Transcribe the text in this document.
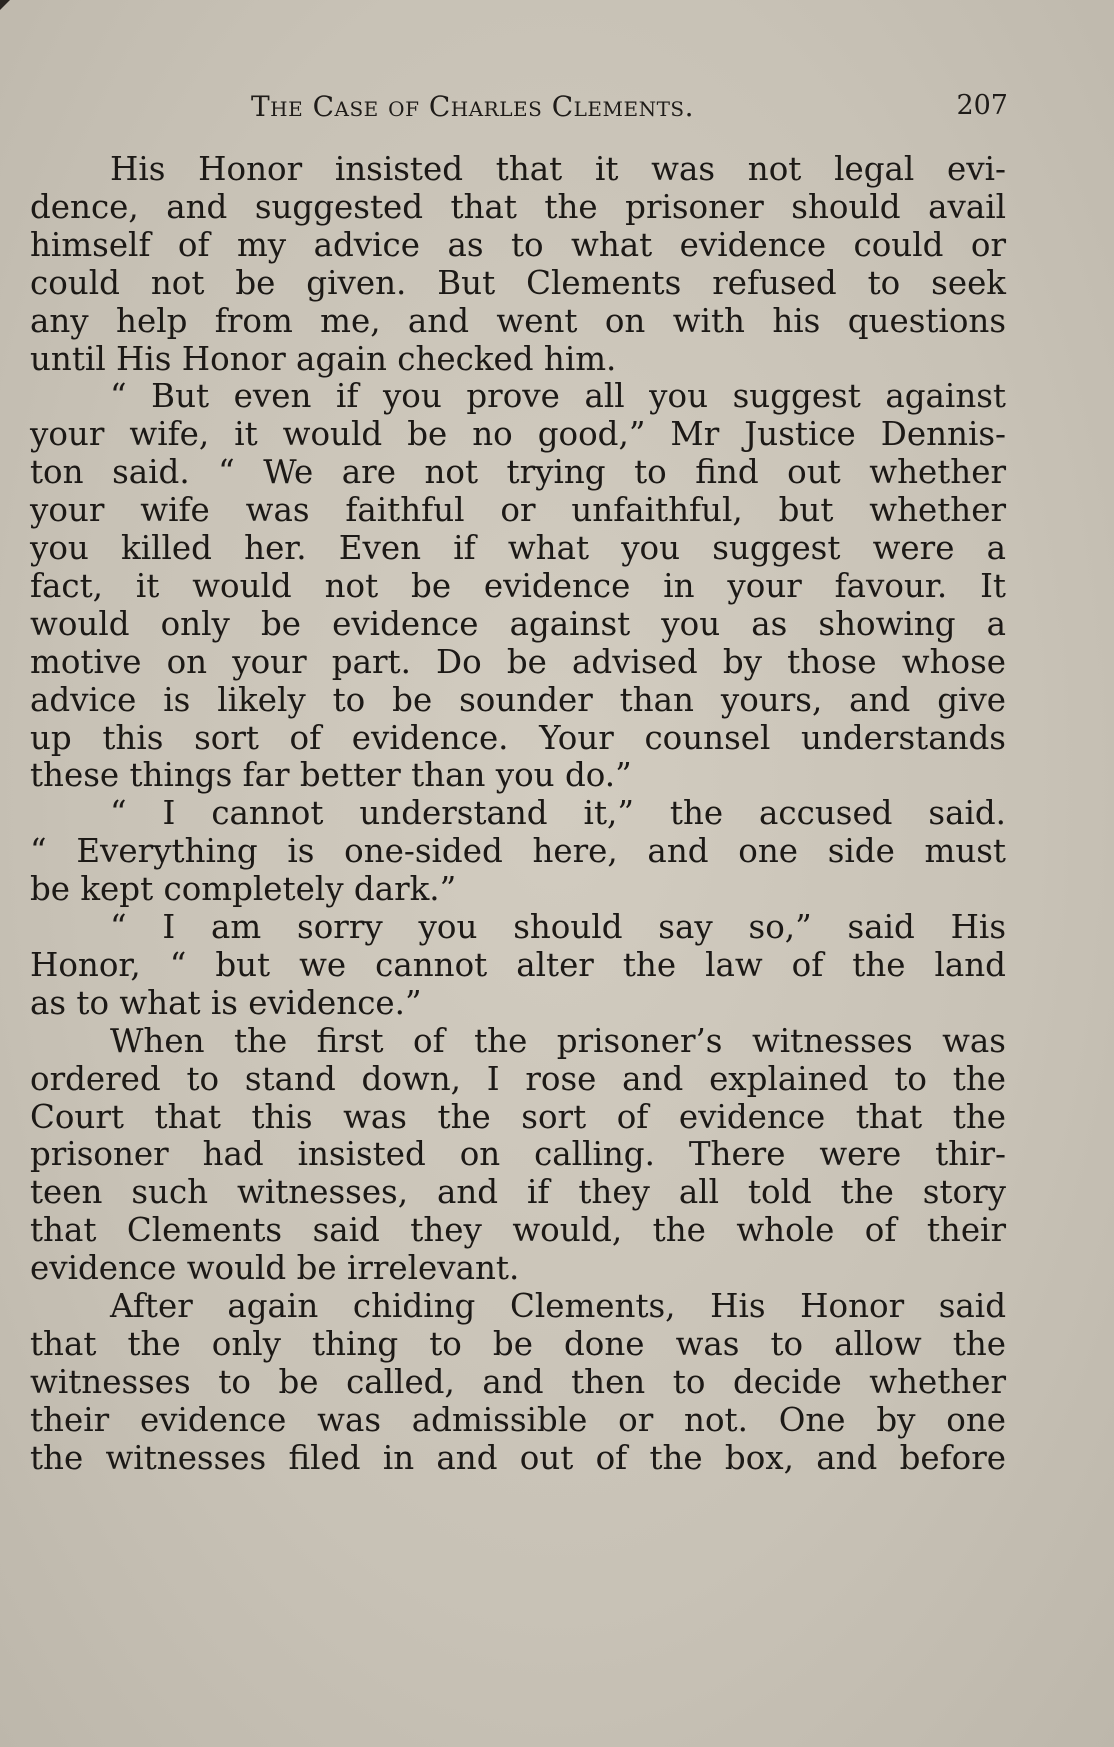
The Case of Charles Clements.	207
His Honor insisted that it was not legal evi-
dence, and suggested that the prisoner should avail
himself of my advice as to what evidence could or
could not be given. But Clements refused to seek
any help from me, and went on with his questions
until His Honor again checked him.
“ But even if you prove all you suggest against
your wife, it would be no good,” Mr Justice Dennis-
ton said. “ We are not trying to find out whether
your wife was faithful or unfaithful, but whether
you killed her. Even if what you suggest were a
fact, it would not be evidence in your favour. It
would only be evidence against you as showing a
motive on your part. Do be advised by those whose
advice is likely to be sounder than yours, and give
up this sort of evidence. Your counsel understands
these things far better than you do.”
“ I cannot understand it,” the accused said.
“ Everything is one-sided here, and one side must
be kept completely dark.”
“ I am sorry you should say so,” said His
Honor, “ but we cannot alter the law of the land
as to what is evidence.”
When the first of the prisoner’s witnesses was
ordered to stand down, I rose and explained to the
Court that this was the sort of evidence that the
prisoner had insisted on calling. There were thir-
teen such witnesses, and if they all told the story
that Clements said they would, the whole of their
evidence would be irrelevant.
After again chiding Clements, His Honor said
that the only thing to be done was to allow the
witnesses to be called, and then to decide whether
their evidence was admissible or not. One by one
the witnesses filed in and out of the box, and before
